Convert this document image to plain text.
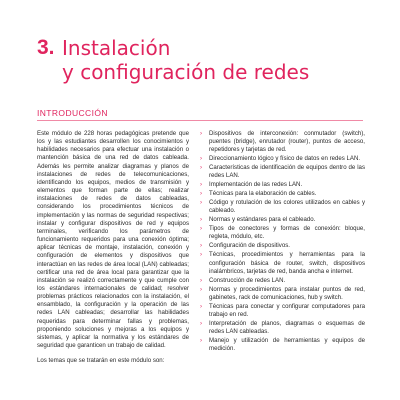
3. Instalación
y configuración de redes
INTRODUCCIÓN

Este módulo de 228 horas pedagógicas pretende que los y las estudiantes desarrollen los conocimientos y habilidades necesarios para efectuar una instalación o mantención básica de una red de datos cableada. Además les permite analizar diagramas y planos de instalaciones de redes de telecomunicaciones, identificando los equipos, medios de transmisión y elementos que forman parte de ellas; realizar instalaciones de redes de datos cableadas, considerando los procedimientos técnicos de implementación y las normas de seguridad respectivas; instalar y configurar dispositivos de red y equipos terminales, verificando los parámetros de funcionamiento requeridos para una conexión óptima; aplicar técnicas de montaje, instalación, conexión y configuración de elementos y dispositivos que interactúan en las redes de área local (LAN) cableadas; certificar una red de área local para garantizar que la instalación se realizó correctamente y que cumple con los estándares internacionales de calidad; resolver problemas prácticos relacionados con la instalación, el ensamblado, la configuración y la operación de las redes LAN cableadas; desarrollar las habilidades requeridas para determinar fallas y problemas, proponiendo soluciones y mejoras a los equipos y sistemas, y aplicar la normativa y los estándares de seguridad que garanticen un trabajo de calidad.

Los temas que se tratarán en este módulo son:

› Dispositivos de interconexión: conmutador (switch), puentes (bridge), enrutador (router), puntos de acceso, repetidores y tarjetas de red.
› Direccionamiento lógico y físico de datos en redes LAN.
› Características de identificación de equipos dentro de las redes LAN.
› Implementación de las redes LAN.
› Técnicas para la elaboración de cables.
› Código y rotulación de los colores utilizados en cables y cableado.
› Normas y estándares para el cableado.
› Tipos de conectores y formas de conexión: bloque, regleta, módulo, etc.
› Configuración de dispositivos.
› Técnicas, procedimientos y herramientas para la configuración básica de router, switch, dispositivos inalámbricos, tarjetas de red, banda ancha e internet.
› Construcción de redes LAN.
› Normas y procedimientos para instalar puntos de red, gabinetes, rack de comunicaciones, hub y switch.
› Técnicas para conectar y configurar computadores para trabajo en red.
› Interpretación de planos, diagramas o esquemas de redes LAN cableadas.
› Manejo y utilización de herramientas y equipos de medición.
